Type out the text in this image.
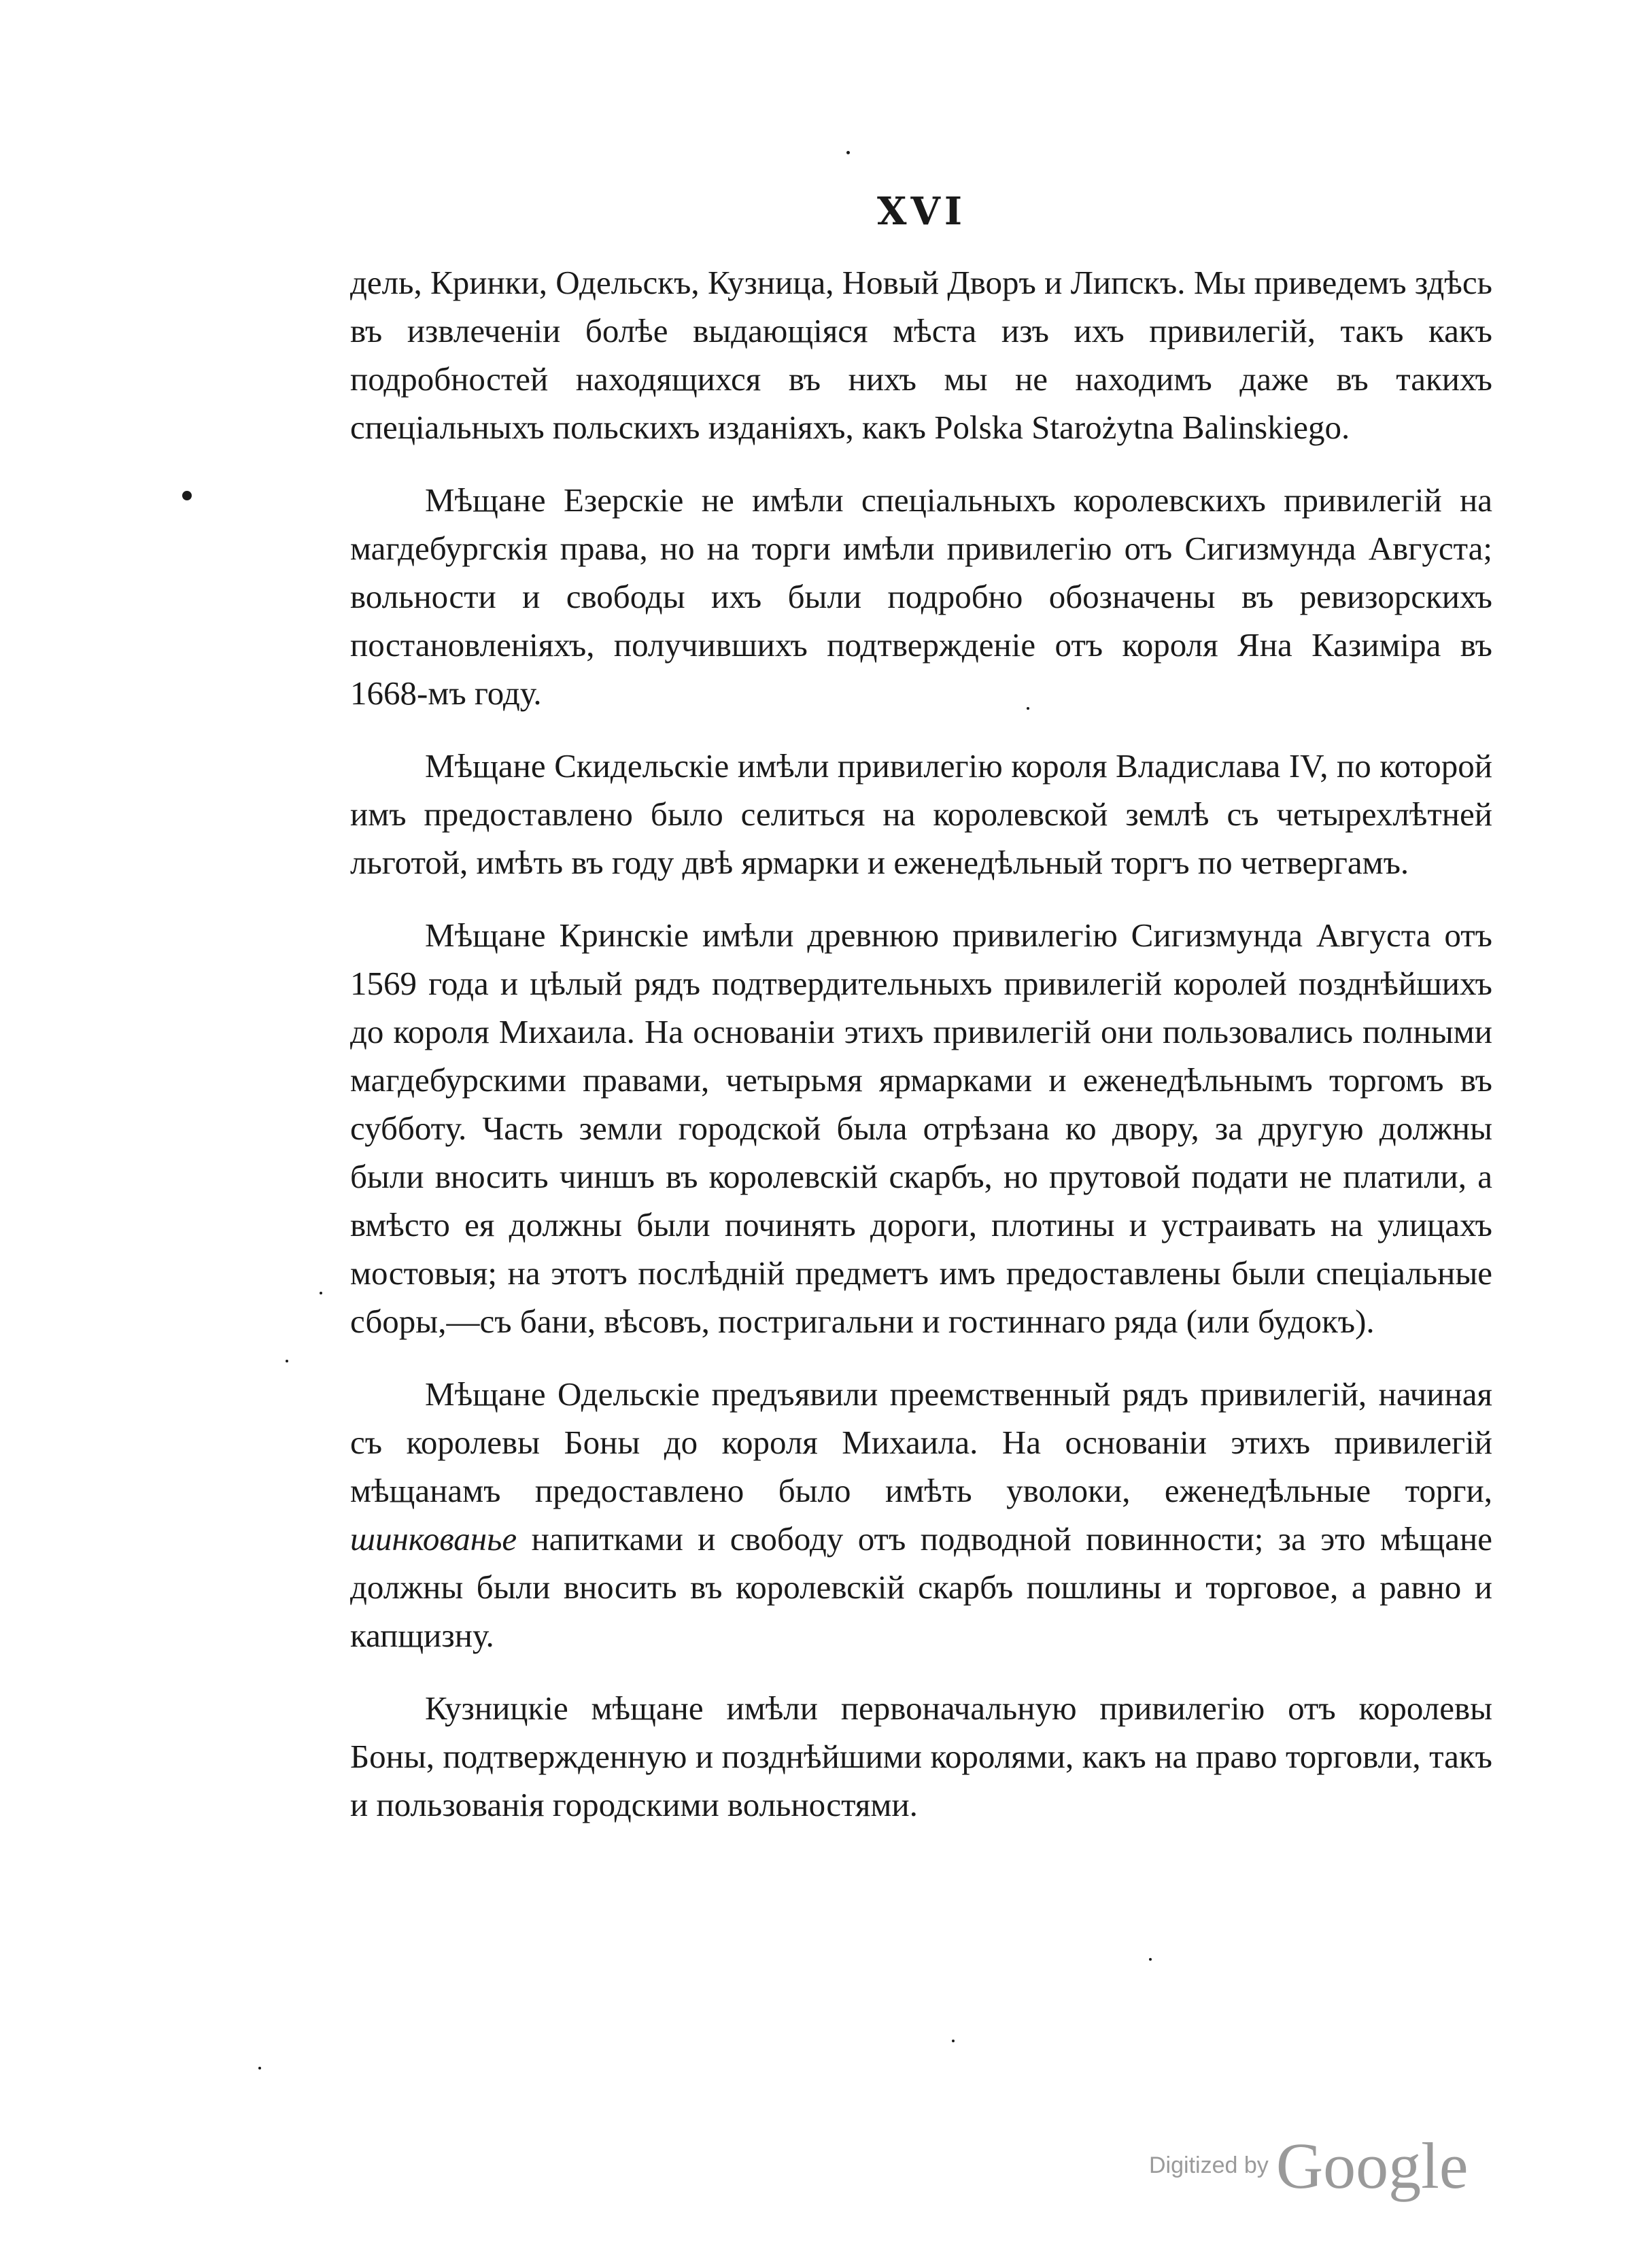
XVI

дель, Кринки, Одельскъ, Кузница, Новый Дворъ и Липскъ. Мы приведемъ здѣсь въ извлеченіи болѣе выдающіяся мѣста изъ ихъ привилегій, такъ какъ подробностей находящихся въ нихъ мы не находимъ даже въ такихъ спеціальныхъ польскихъ изданіяхъ, какъ Polska Starożytna Balinskiego.

Мѣщане Езерскіе не имѣли спеціальныхъ королевскихъ привилегій на магдебургскія права, но на торги имѣли привилегію отъ Сигизмунда Августа; вольности и свободы ихъ были подробно обозначены въ ревизорскихъ постановленіяхъ, получившихъ подтвержденіе отъ короля Яна Казиміра въ 1668-мъ году.

Мѣщане Скидельскіе имѣли привилегію короля Владислава IV, по которой имъ предоставлено было селиться на королевской землѣ съ четырехлѣтней льготой, имѣть въ году двѣ ярмарки и еженедѣльный торгъ по четвергамъ.

Мѣщане Кринскіе имѣли древнюю привилегію Сигизмунда Августа отъ 1569 года и цѣлый рядъ подтвердительныхъ привилегій королей позднѣйшихъ до короля Михаила. На основаніи этихъ привилегій они пользовались полными магдебурскими правами, четырьмя ярмарками и еженедѣльнымъ торгомъ въ субботу. Часть земли городской была отрѣзана ко двору, за другую должны были вносить чиншъ въ королевскій скарбъ, но прутовой подати не платили, а вмѣсто ея должны были починять дороги, плотины и устраивать на улицахъ мостовыя; на этотъ послѣдній предметъ имъ предоставлены были спеціальные сборы,—съ бани, вѣсовъ, постригальни и гостиннаго ряда (или будокъ).

Мѣщане Одельскіе предъявили преемственный рядъ привилегій, начиная съ королевы Боны до короля Михаила. На основаніи этихъ привилегій мѣщанамъ предоставлено было имѣть уволоки, еженедѣльные торги, шинкованье напитками и свободу отъ подводной повинности; за это мѣщане должны были вносить въ королевскій скарбъ пошлины и торговое, а равно и капщизну.

Кузницкіе мѣщане имѣли первоначальную привилегію отъ королевы Боны, подтвержденную и позднѣйшими королями, какъ на право торговли, такъ и пользованія городскими вольностями.

Digitized by Google
